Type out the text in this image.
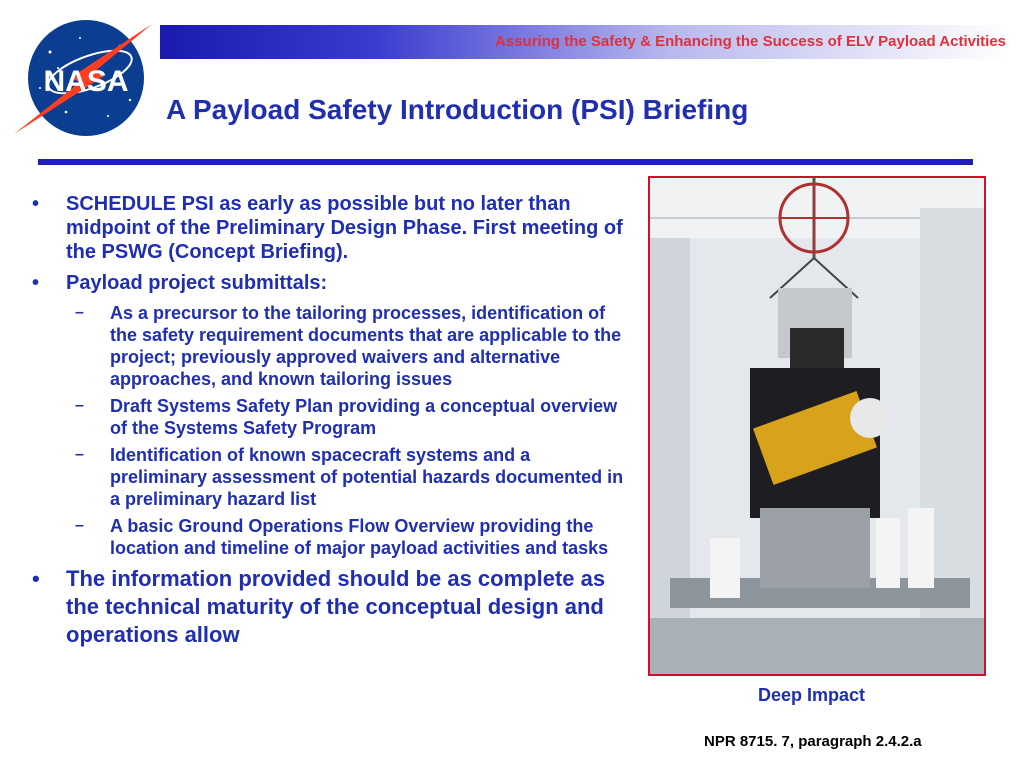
Assuring the Safety & Enhancing the Success of ELV Payload Activities
NASA
A Payload Safety Introduction (PSI) Briefing
• SCHEDULE PSI as early as possible but no later than midpoint of the Preliminary Design Phase. First meeting of the PSWG (Concept Briefing).
• Payload project submittals:
– As a precursor to the tailoring processes, identification of the safety requirement documents that are applicable to the project; previously approved waivers and alternative approaches, and known tailoring issues
– Draft Systems Safety Plan providing a conceptual overview of the Systems Safety Program
– Identification of known spacecraft systems and a preliminary assessment of potential hazards documented in a preliminary hazard list
– A basic Ground Operations Flow Overview providing the location and timeline of major payload activities and tasks
• The information provided should be as complete as the technical maturity of the conceptual design and operations allow
Deep Impact
NPR 8715. 7, paragraph 2.4.2.a
